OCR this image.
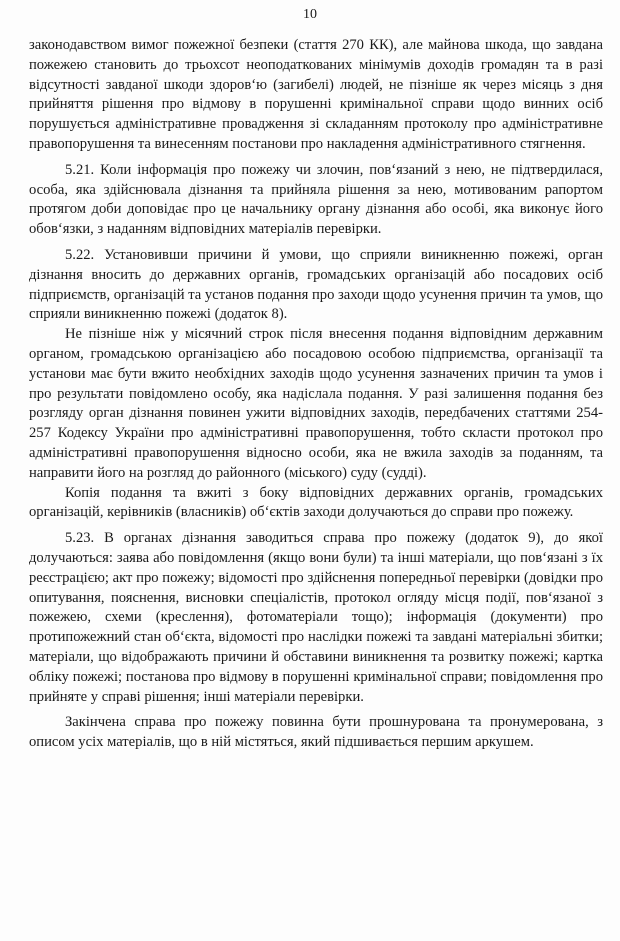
10

законодавством вимог пожежної безпеки (стаття 270 КК), але майнова шкода, що завдана пожежею становить до трьохсот неоподаткованих мінімумів доходів громадян та в разі відсутності завданої шкоди здоров‘ю (загибелі) людей, не пізніше як через місяць з дня прийняття рішення про відмову в порушенні кримінальної справи щодо винних осіб порушується адміністративне провадження зі складанням протоколу про адміністративне правопорушення та винесенням постанови про накладення адміністративного стягнення.

5.21. Коли інформація про пожежу чи злочин, пов‘язаний з нею, не підтвердилася, особа, яка здійснювала дізнання та прийняла рішення за нею, мотивованим рапортом протягом доби доповідає про це начальнику органу дізнання або особі, яка виконує його обов‘язки, з наданням відповідних матеріалів перевірки.

5.22. Установивши причини й умови, що сприяли виникненню пожежі, орган дізнання вносить до державних органів, громадських організацій або посадових осіб підприємств, організацій та установ подання про заходи щодо усунення причин та умов, що сприяли виникненню пожежі (додаток 8).

Не пізніше ніж у місячний строк після внесення подання відповідним державним органом, громадською організацією або посадовою особою підприємства, організації та установи має бути вжито необхідних заходів щодо усунення зазначених причин та умов і про результати повідомлено особу, яка надіслала подання. У разі залишення подання без розгляду орган дізнання повинен ужити відповідних заходів, передбачених статтями 254-257 Кодексу України про адміністративні правопорушення, тобто скласти протокол про адміністративні правопорушення відносно особи, яка не вжила заходів за поданням, та направити його на розгляд до районного (міського) суду (судді).

Копія подання та вжиті з боку відповідних державних органів, громадських організацій, керівників (власників) об‘єктів заходи долучаються до справи про пожежу.

5.23. В органах дізнання заводиться справа про пожежу (додаток 9), до якої долучаються: заява або повідомлення (якщо вони були) та інші матеріали, що пов‘язані з їх реєстрацією; акт про пожежу; відомості про здійснення попередньої перевірки (довідки про опитування, пояснення, висновки спеціалістів, протокол огляду місця події, пов‘язаної з пожежею, схеми (креслення), фотоматеріали тощо); інформація (документи) про протипожежний стан об‘єкта, відомості про наслідки пожежі та завдані матеріальні збитки; матеріали, що відображають причини й обставини виникнення та розвитку пожежі; картка обліку пожежі; постанова про відмову в порушенні кримінальної справи; повідомлення про прийняте у справі рішення; інші матеріали перевірки.

Закінчена справа про пожежу повинна бути прошнурована та пронумерована, з описом усіх матеріалів, що в ній містяться, який підшивається першим аркушем.
